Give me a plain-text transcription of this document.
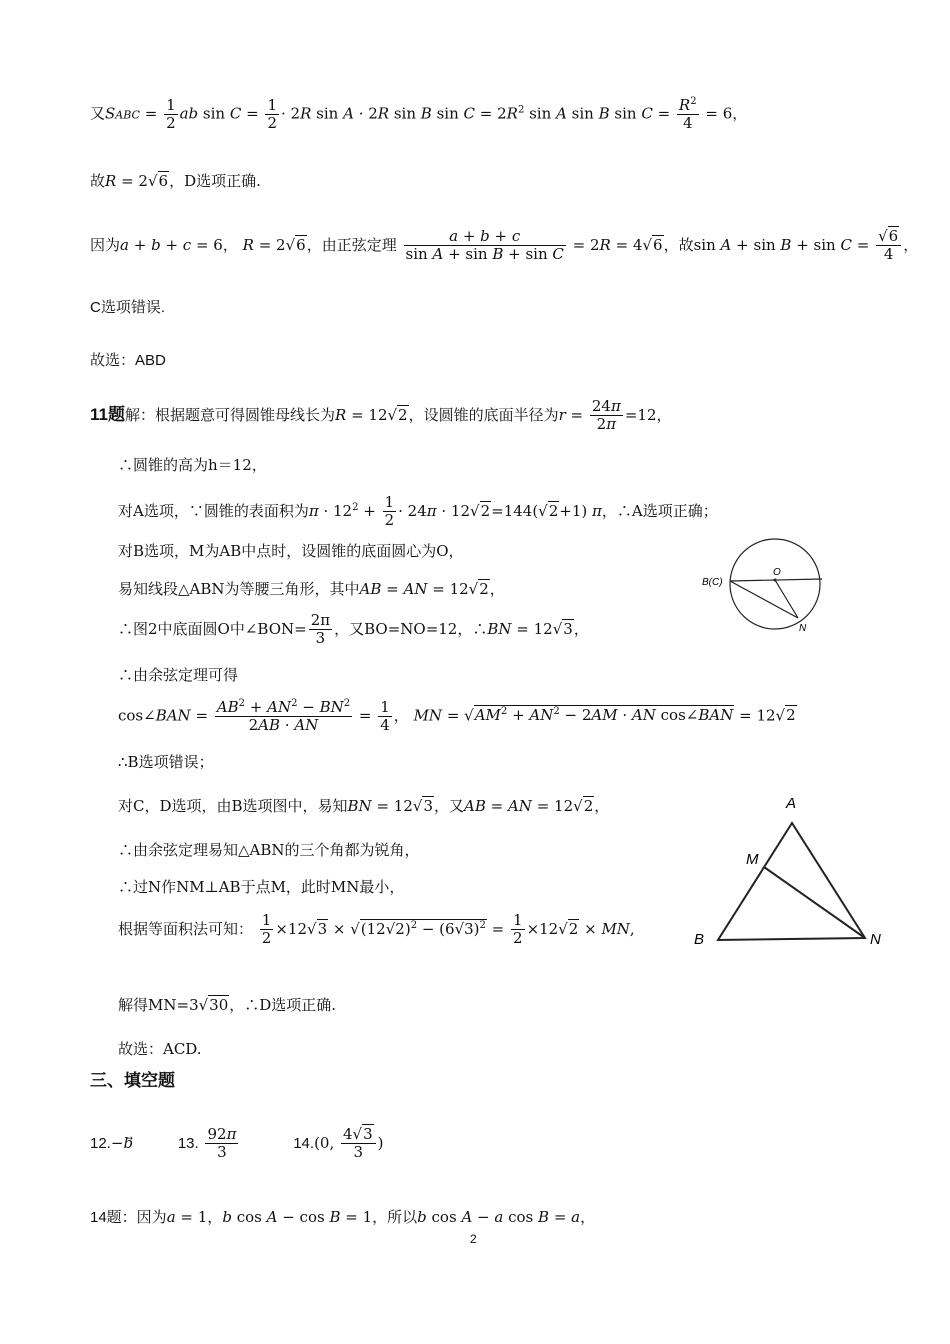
又SABC = $\frac{1}{2}$ ab $\sin C = \frac{1}{2} \cdot 2R$ sin A · 2R sin B $\sin C = 2R^2$ sin A sin B $\sin C = \frac{R^2}{4} = 6$，
故R = 2√6，D选项正确.
因为a + b + c = 6， R = 2√6，由正弦定理 $\frac{a + b + c}{\text{sin A + sin B + sin C}} = 2R = 4√6$，故$\sin A + \sin B + \sin C = \frac{√6}{4}$ ，
C选项错误.
故选：ABD
11题解：根据题意可得圆锥母线长为R = 12√2，设圆锥的底面半径为$r = \frac{24\pi}{2\pi} =12$，
∴圆锥的高为h＝12，
对A选项，∵圆锥的表面积为$\pi \cdot 12^2 + \frac{1}{2} \cdot 24\pi \cdot 12√2=144(√2+1)$ π，∴A选项正确；
对B选项，M为AB中点时，设圆锥的底面圆心为O，
易知线段△ABN为等腰三角形，其中AB = AN = 12√2，
∴图2中底面圆O中∠BON= $\frac{2\pi}{3}$ ，又BO=NO=12，∴BN = 12√3，
∴由余弦定理可得
cos∠BAN = $\frac{AB^2 + AN^2 - BN^2}{2AB \cdot AN} = \frac{1}{4}$ ， MN = $√AM^2 + AN^2 - 2AM$ · AN cos∠BAN = 12√2
∴B选项错误；
对C，D选项，由B选项图中，易知BN = 12√3，又AB = AN = 12√2，
∴由余弦定理易知△ABN的三个角都为锐角，
∴过N作NM⊥AB于点M，此时MN最小，
根据等面积法可知： $\frac{1}{2} \times 12√3 \times √(12√2)^2 - (6√3)^2 = \frac{1}{2} \times 12√2$ × MN,
解得MN=3√30，∴D选项正确.
故选：ACD.
三、填空题
12.−b⃗	13. $\frac{92\pi}{3}$	14.(0, $\frac{4√3}{3}$ )
14题：因为a = 1，b cos A − cos B = 1，所以b cos A − a cos B = a，
B(C)
O
N
A
M
B	N
2
